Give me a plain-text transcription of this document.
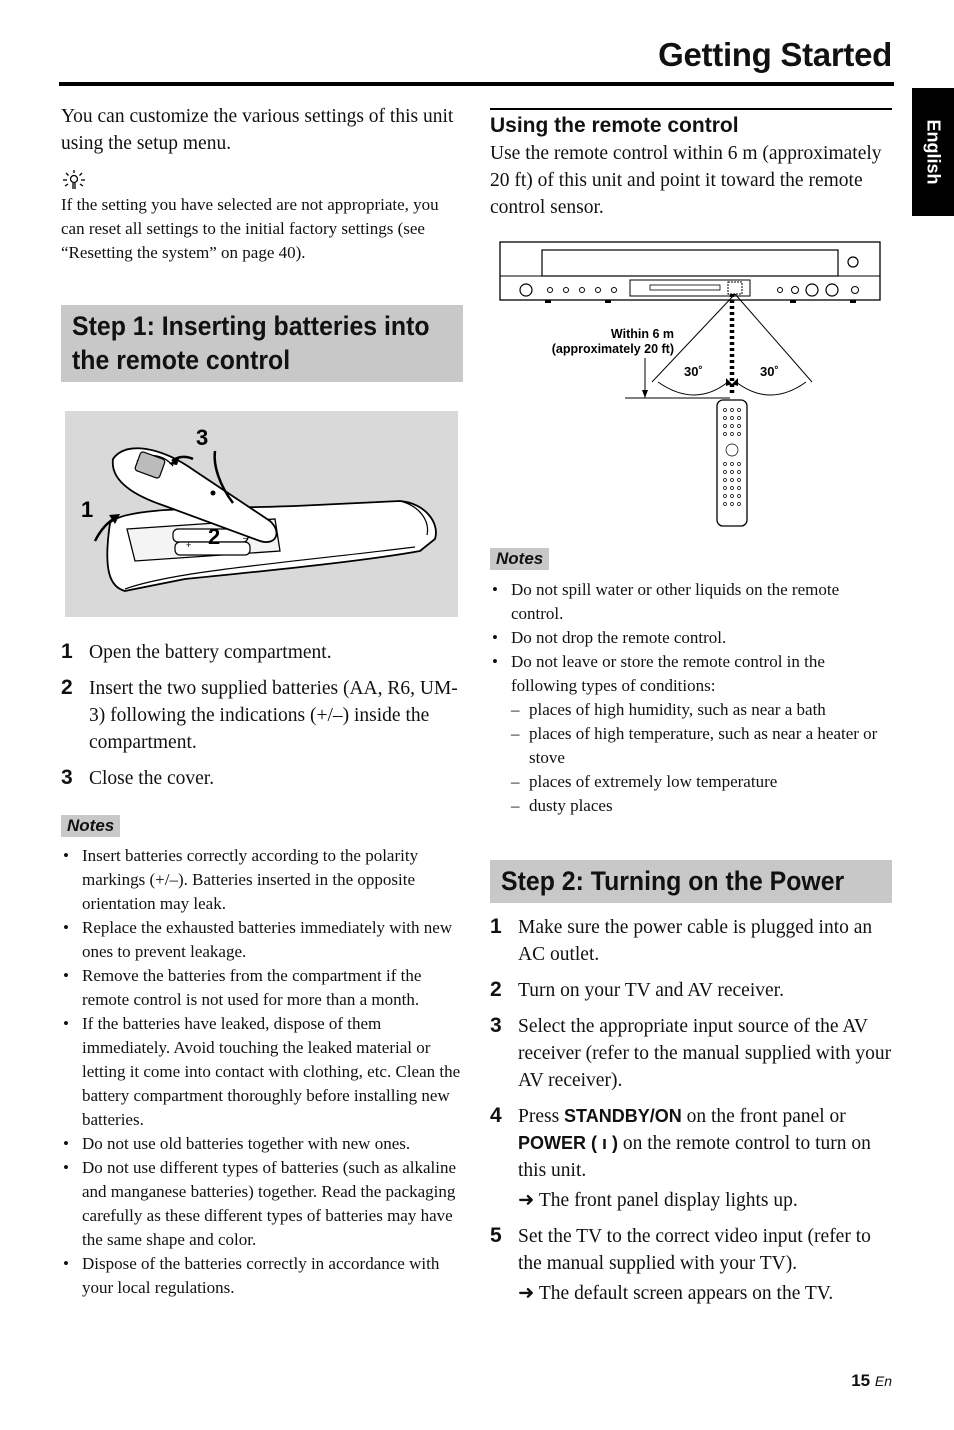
Getting Started
English

You can customize the various settings of this unit using the setup menu.

If the setting you have selected are not appropriate, you can reset all settings to the initial factory settings (see “Resetting the system” on page 40).

Step 1: Inserting batteries into the remote control
+
–
1
2
3
1 Open the battery compartment.
2 Insert the two supplied batteries (AA, R6, UM-3) following the indications (+/–) inside the compartment.
3 Close the cover.
Notes
• Insert batteries correctly according to the polarity markings (+/–). Batteries inserted in the opposite orientation may leak.
• Replace the exhausted batteries immediately with new ones to prevent leakage.
• Remove the batteries from the compartment if the remote control is not used for more than a month.
• If the batteries have leaked, dispose of them immediately. Avoid touching the leaked material or letting it come into contact with clothing, etc. Clean the battery compartment thoroughly before installing new batteries.
• Do not use old batteries together with new ones.
• Do not use different types of batteries (such as alkaline and manganese batteries) together. Read the packaging carefully as these different types of batteries may have the same shape and color.
• Dispose of the batteries correctly in accordance with your local regulations.
Using the remote control

Use the remote control within 6 m (approximately 20 ft) of this unit and point it toward the remote control sensor.

Within 6 m
(approximately 20 ft)
30˚	30˚
Notes
• Do not spill water or other liquids on the remote control.
• Do not drop the remote control.
• Do not leave or store the remote control in the following types of conditions:
– places of high humidity, such as near a bath
– places of high temperature, such as near a heater or stove
– places of extremely low temperature
– dusty places
Step 2: Turning on the Power
1 Make sure the power cable is plugged into an AC outlet.
2 Turn on your TV and AV receiver.
3 Select the appropriate input source of the AV receiver (refer to the manual supplied with your AV receiver).
4 Press STANDBY/ON on the front panel or POWER ( ı ) on the remote control to turn on this unit.
➜ The front panel display lights up.
5 Set the TV to the correct video input (refer to the manual supplied with your TV).
➜ The default screen appears on the TV.
15 En
